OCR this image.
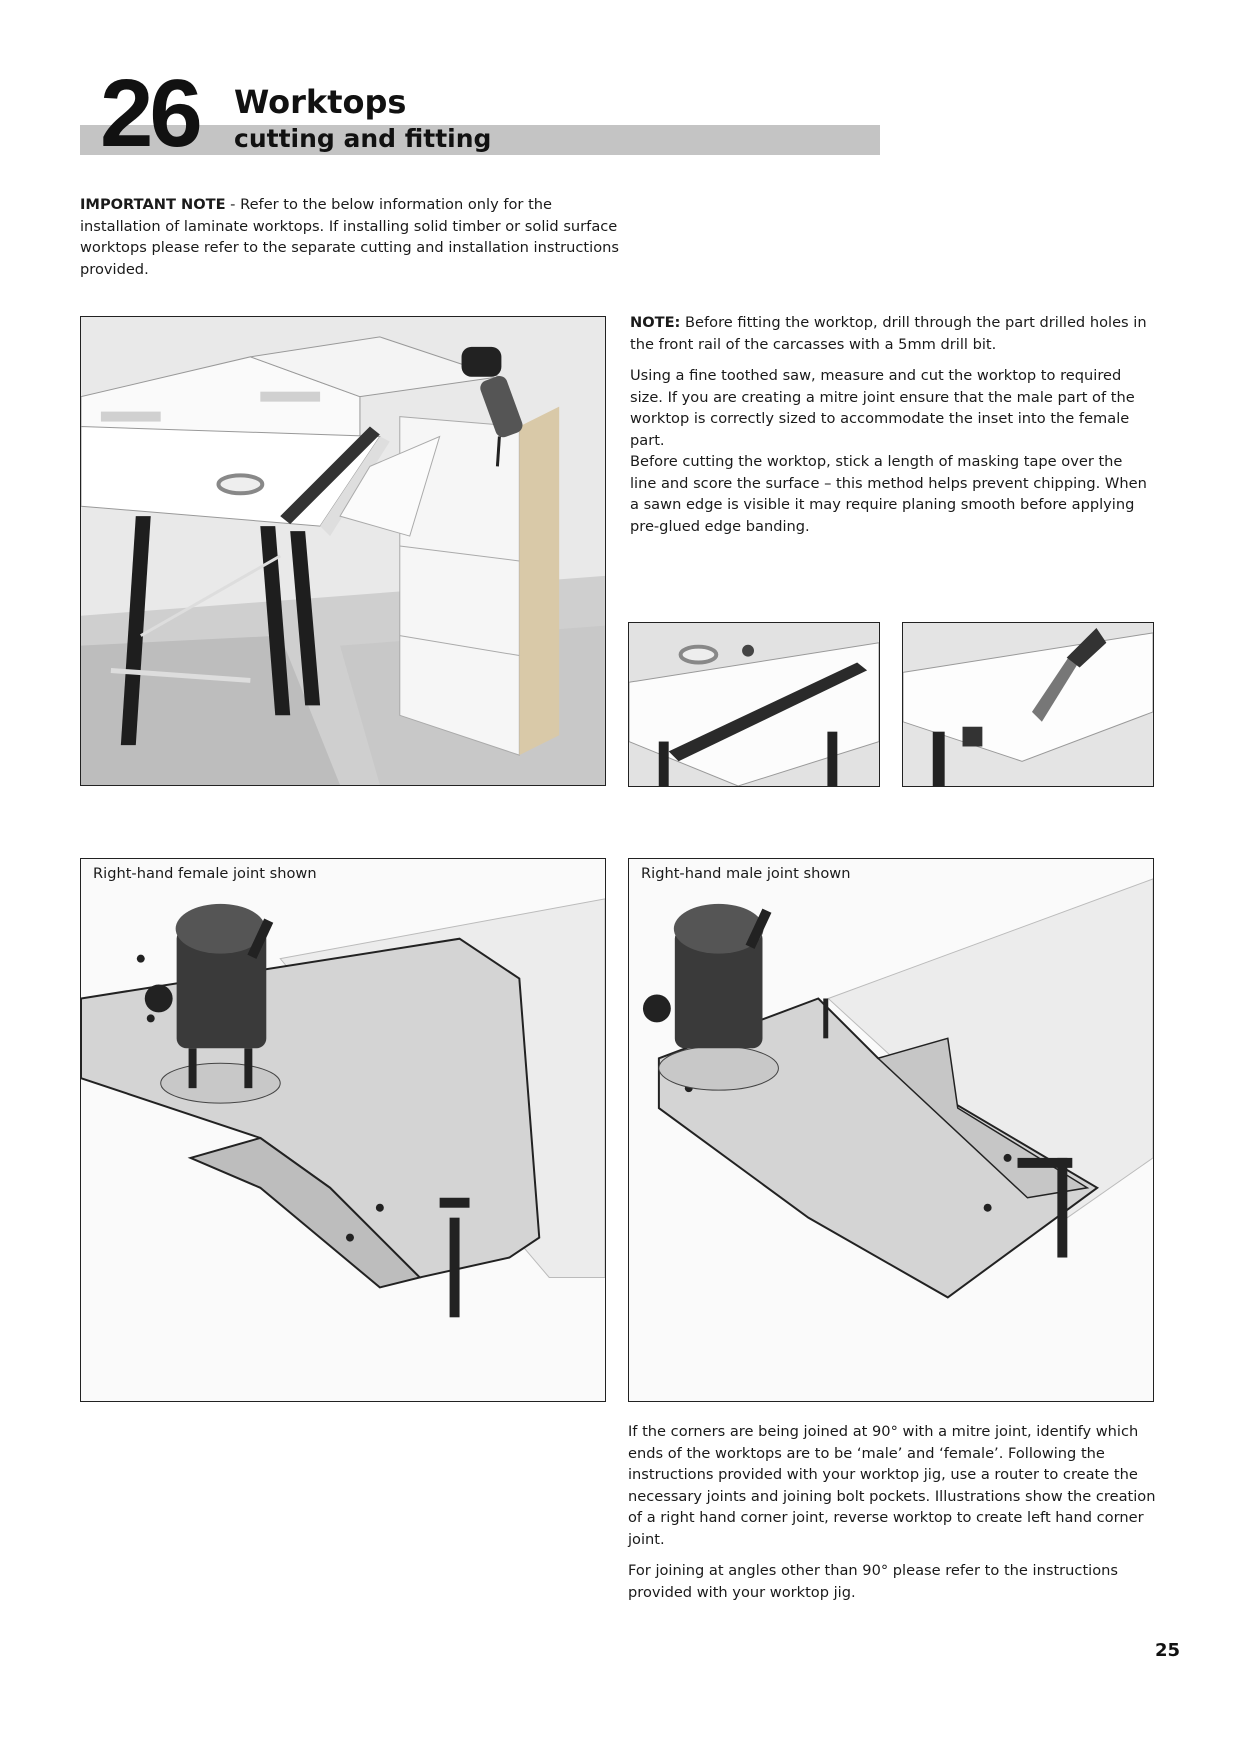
26 Worktops
cutting and fitting

IMPORTANT NOTE - Refer to the below information only for the installation of laminate worktops. If installing solid timber or solid surface worktops please refer to the separate cutting and installation instructions provided.

NOTE: Before fitting the worktop, drill through the part drilled holes in the front rail of the carcasses with a 5mm drill bit.

Using a fine toothed saw, measure and cut the worktop to required size. If you are creating a mitre joint ensure that the male part of the worktop is correctly sized to accommodate the inset into the female part.
Before cutting the worktop, stick a length of masking tape over the line and score the surface – this method helps prevent chipping. When a sawn edge is visible it may require planing smooth before applying pre-glued edge banding.

Right-hand female joint shown	Right-hand male joint shown

If the corners are being joined at 90° with a mitre joint, identify which ends of the worktops are to be ‘male’ and ‘female’. Following the instructions provided with your worktop jig, use a router to create the necessary joints and joining bolt pockets. Illustrations show the creation of a right hand corner joint, reverse worktop to create left hand corner joint.

For joining at angles other than 90° please refer to the instructions provided with your worktop jig.

25
